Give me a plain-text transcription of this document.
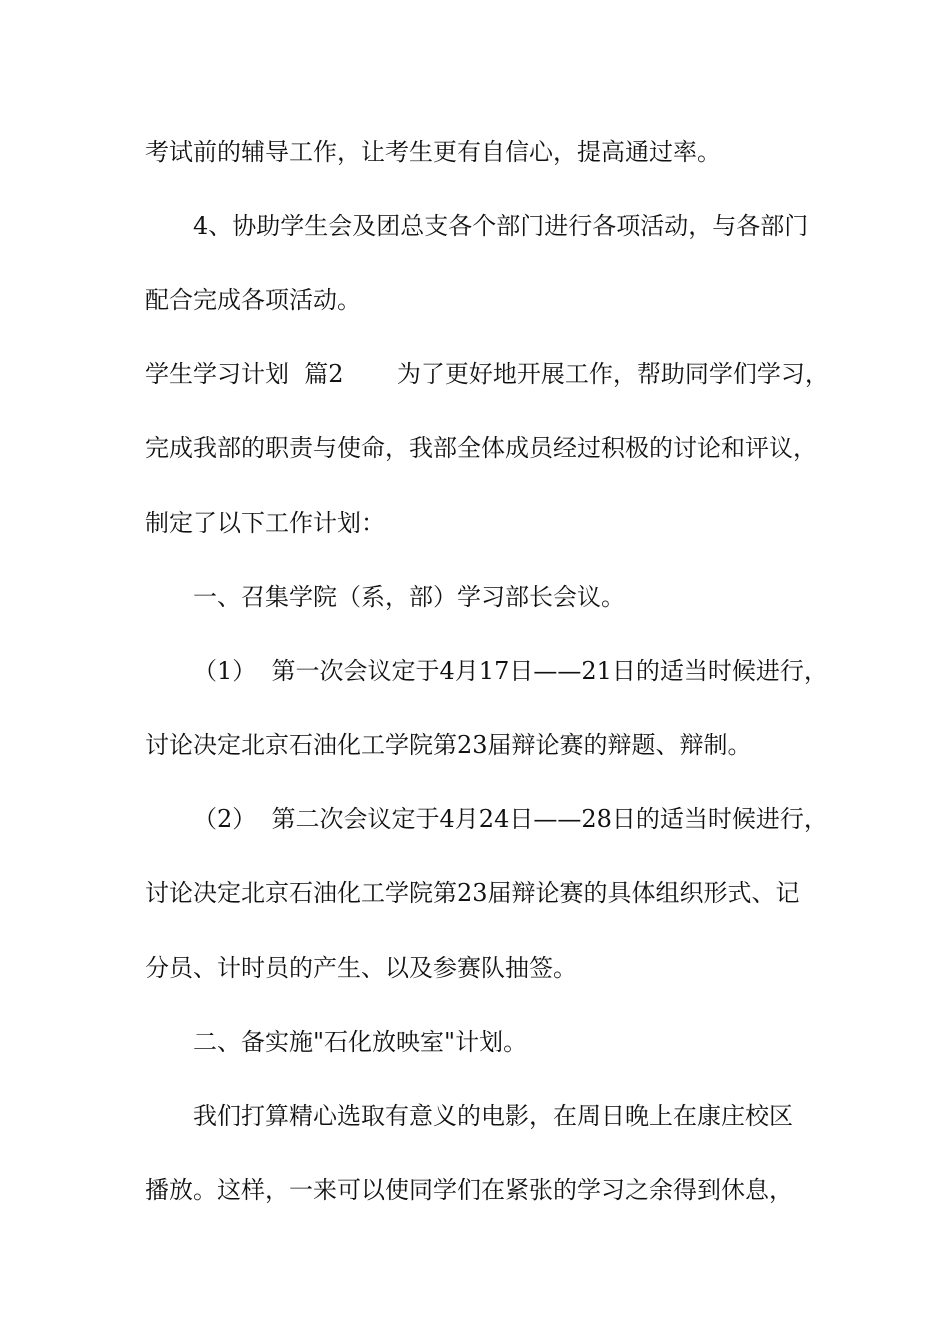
考试前的辅导工作，让考生更有自信心，提高通过率。
4、协助学生会及团总支各个部门进行各项活动，与各部门
配合完成各项活动。
学生学习计划  篇2       为了更好地开展工作，帮助同学们学习，
完成我部的职责与使命，我部全体成员经过积极的讨论和评议，
制定了以下工作计划：
一、召集学院（系，部）学习部长会议。
（1）  第一次会议定于4月17日——21日的适当时候进行，
讨论决定北京石油化工学院第23届辩论赛的辩题、辩制。
（2）  第二次会议定于4月24日——28日的适当时候进行，
讨论决定北京石油化工学院第23届辩论赛的具体组织形式、记
分员、计时员的产生、以及参赛队抽签。
二、备实施"石化放映室"计划。
我们打算精心选取有意义的电影，在周日晚上在康庄校区
播放。这样，一来可以使同学们在紧张的学习之余得到休息，
